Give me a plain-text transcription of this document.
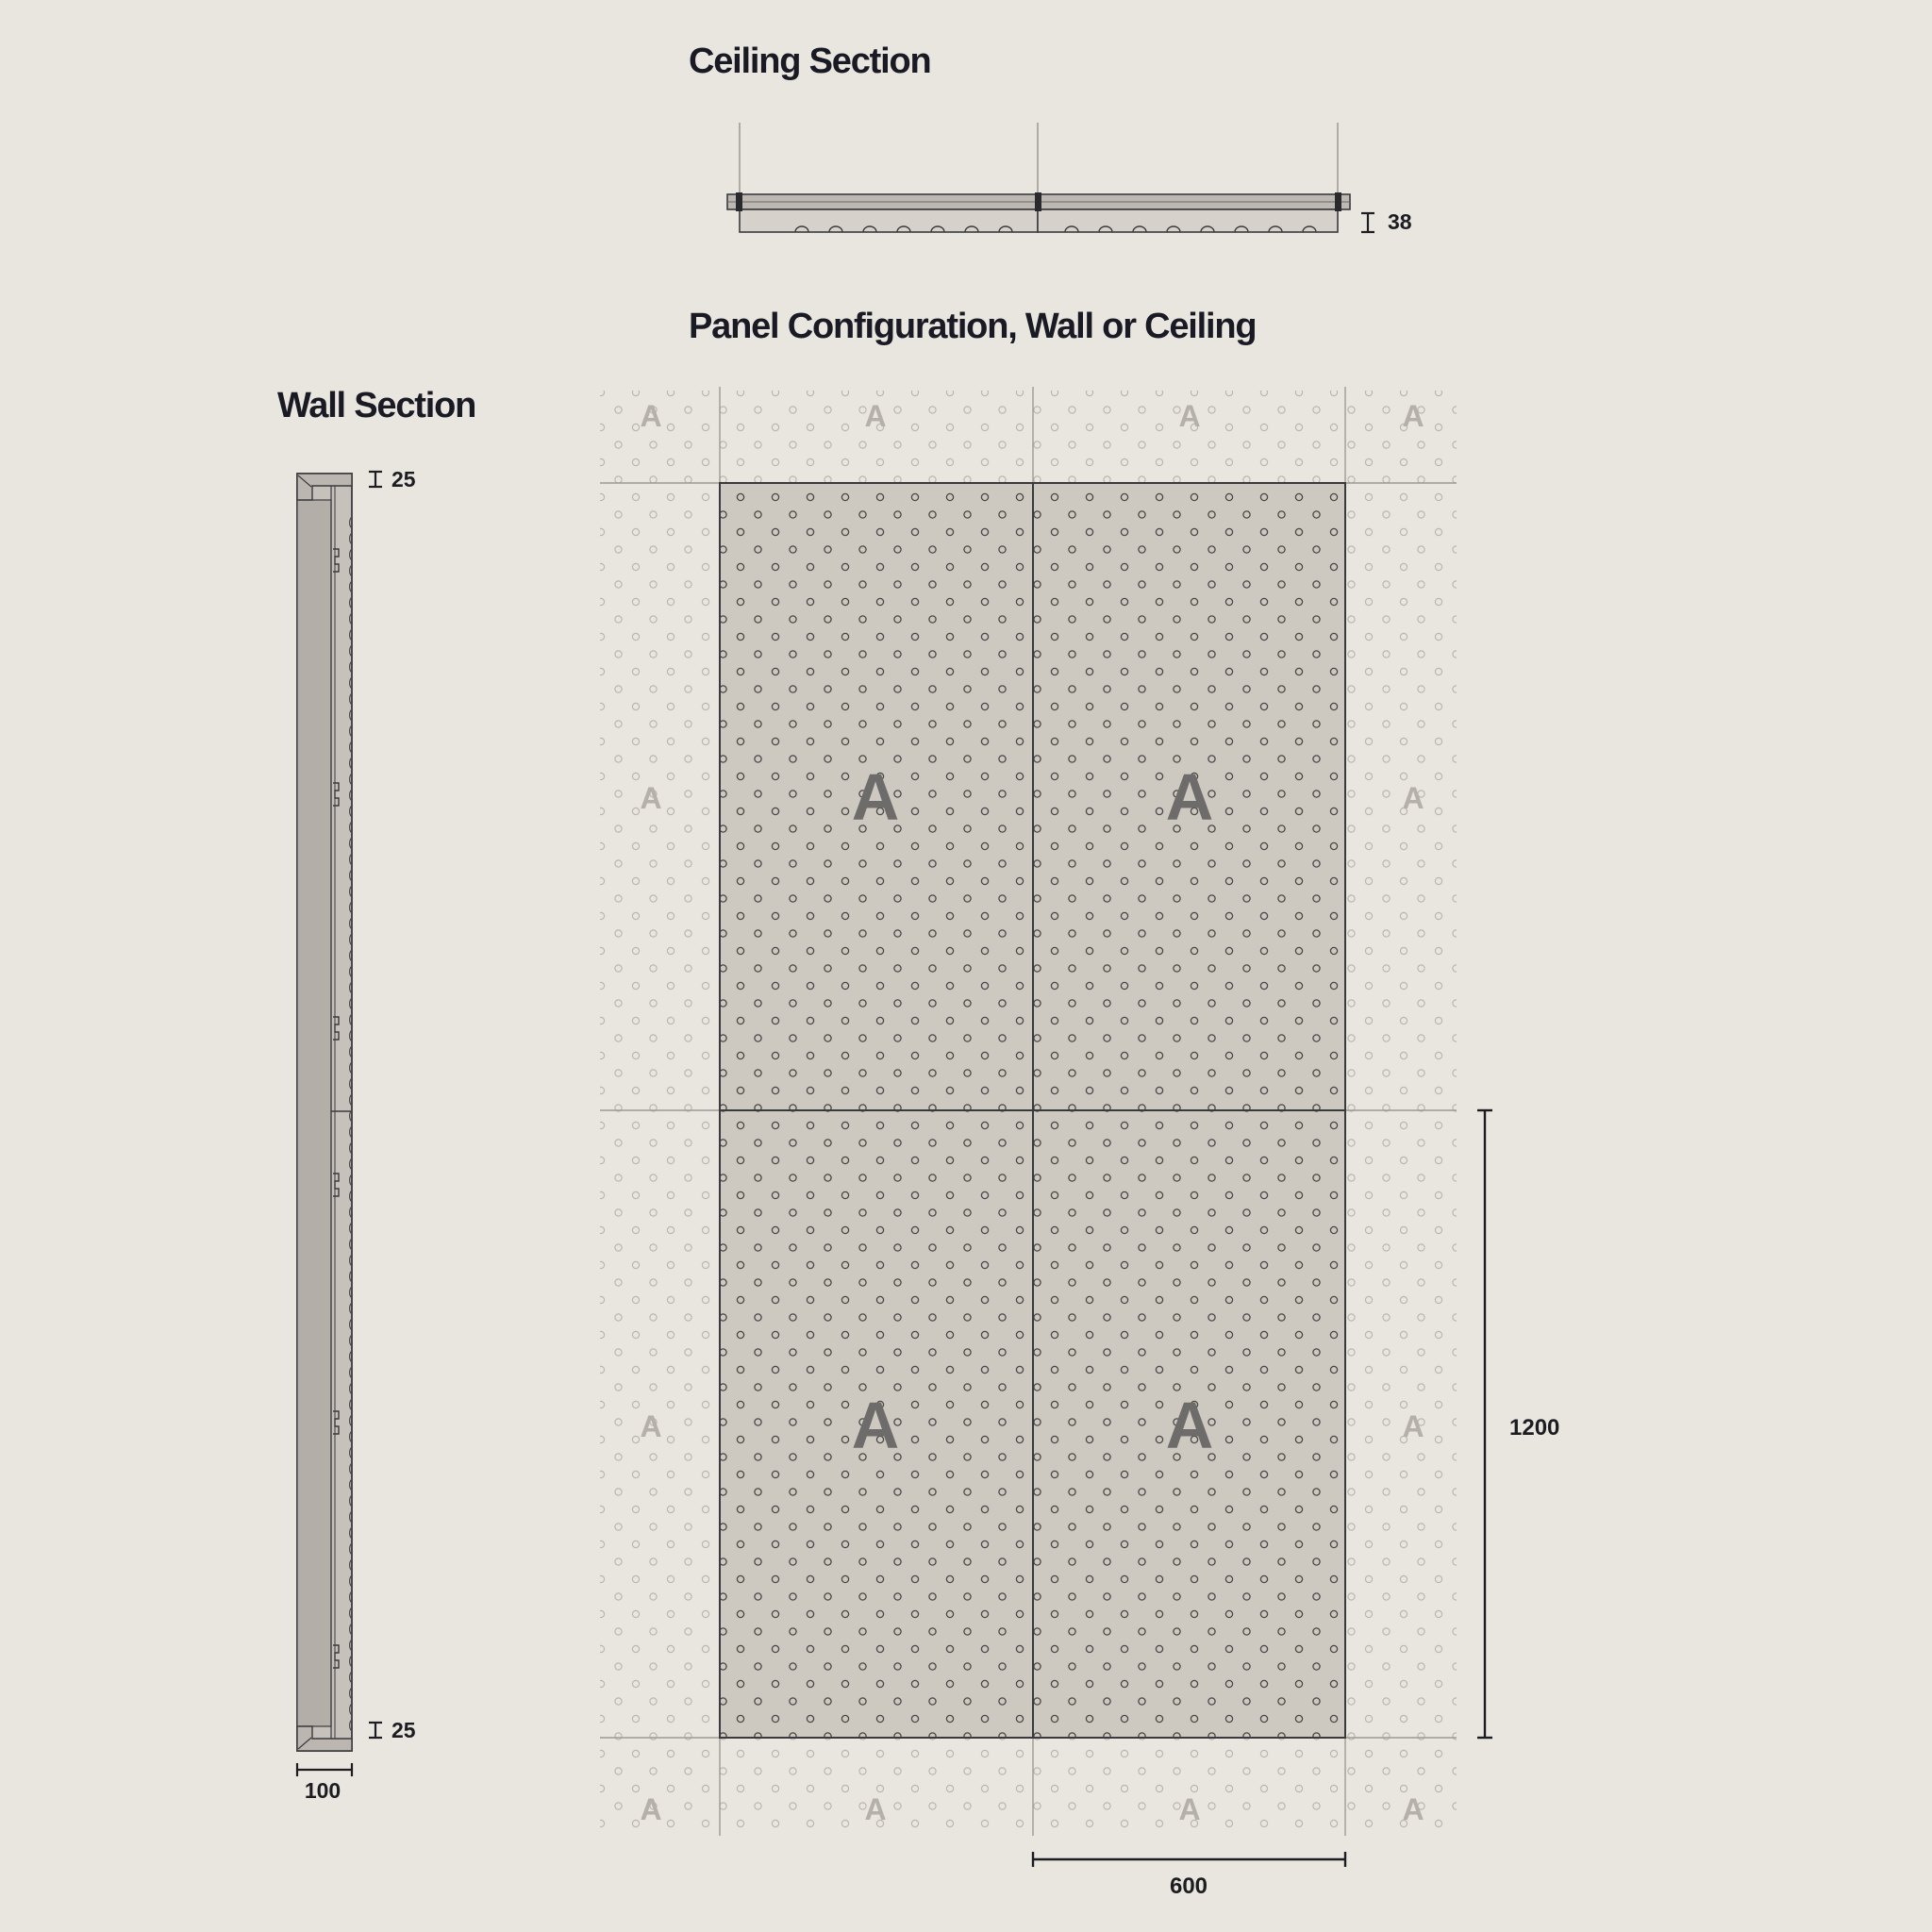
Ceiling Section
Panel Configuration, Wall or Ceiling
Wall Section
38
25
25
100
A	A	A	A
A	A
A	A
A	A	A	A
A	A
A	A	1200
600
